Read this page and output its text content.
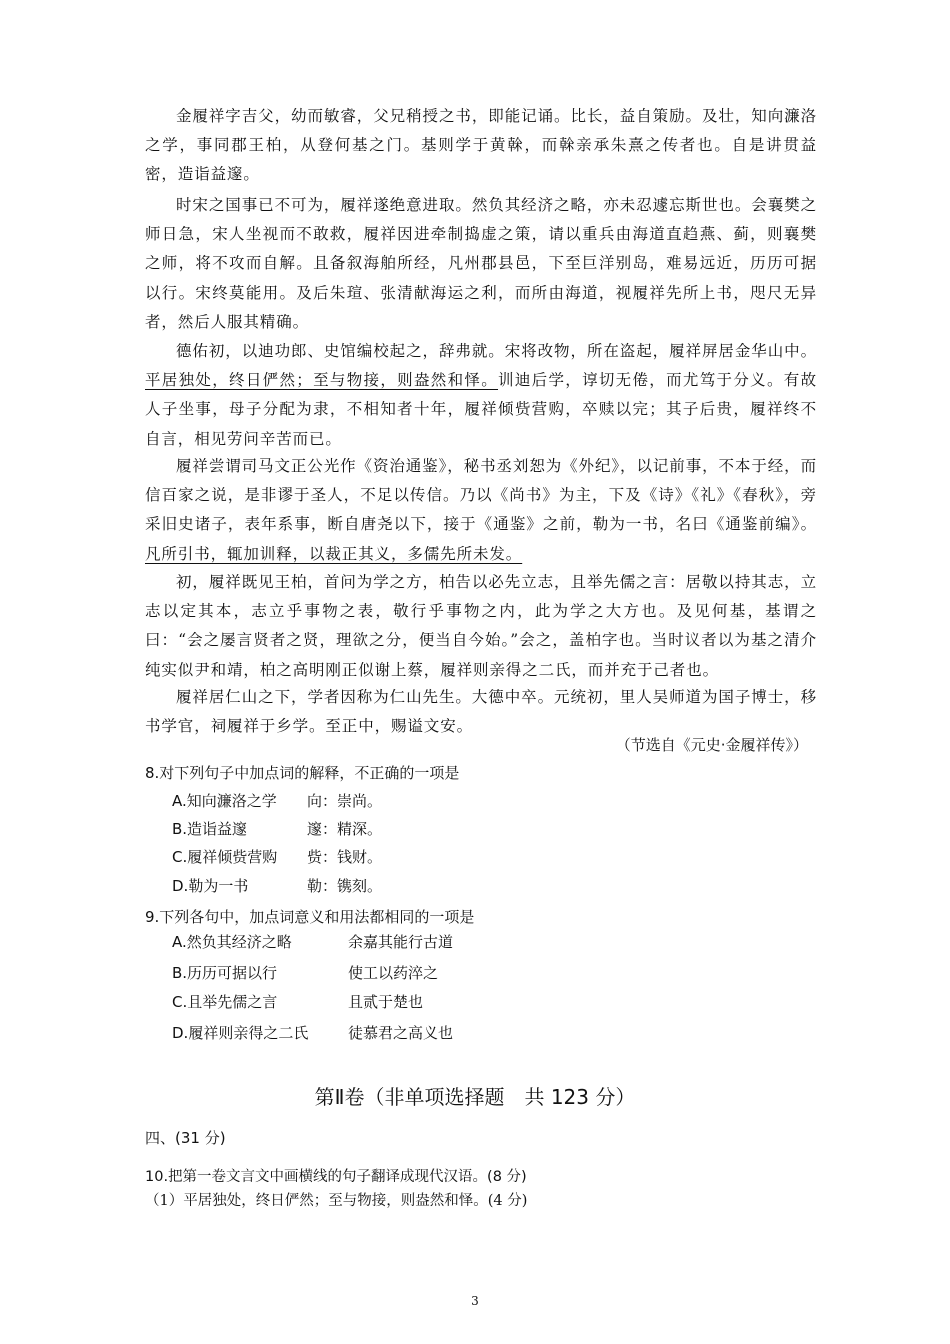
金履祥字吉父，幼而敏睿，父兄稍授之书，即能记诵。比长，益自策励。及壮，知向濂洛之学，事同郡王柏，从登何基之门。基则学于黄榦，而榦亲承朱熹之传者也。自是讲贯益密，造诣益邃。
时宋之国事已不可为，履祥遂绝意进取。然负其经济之略，亦未忍遽忘斯世也。会襄樊之师日急，宋人坐视而不敢救，履祥因进牵制捣虚之策，请以重兵由海道直趋燕、蓟，则襄樊之师，将不攻而自解。且备叙海舶所经，凡州郡县邑，下至巨洋别岛，难易远近，历历可据以行。宋终莫能用。及后朱瑄、张清献海运之利，而所由海道，视履祥先所上书，咫尺无异者，然后人服其精确。
德佑初，以迪功郎、史馆编校起之，辞弗就。宋将改物，所在盗起，履祥屏居金华山中。平居独处，终日俨然；至与物接，则盎然和怿。训迪后学，谆切无倦，而尤笃于分义。有故人子坐事，母子分配为隶，不相知者十年，履祥倾赀营购，卒赎以完；其子后贵，履祥终不自言，相见劳问辛苦而已。
履祥尝谓司马文正公光作《资治通鉴》，秘书丞刘恕为《外纪》，以记前事，不本于经，而信百家之说，是非谬于圣人，不足以传信。乃以《尚书》为主，下及《诗》《礼》《春秋》，旁采旧史诸子，表年系事，断自唐尧以下，接于《通鉴》之前，勒为一书，名曰《通鉴前编》。凡所引书，辄加训释，以裁正其义，多儒先所未发。
初，履祥既见王柏，首问为学之方，柏告以必先立志，且举先儒之言：居敬以持其志，立志以定其本，志立乎事物之表，敬行乎事物之内，此为学之大方也。及见何基，基谓之曰：“会之屡言贤者之贤，理欲之分，便当自今始。”会之，盖柏字也。当时议者以为基之清介纯实似尹和靖，柏之高明刚正似谢上蔡，履祥则亲得之二氏，而并充于己者也。
履祥居仁山之下，学者因称为仁山先生。大德中卒。元统初，里人吴师道为国子博士，移书学官，祠履祥于乡学。至正中，赐谥文安。
（节选自《元史·金履祥传》）
8.对下列句子中加点词的解释，不正确的一项是
A.知向濂洛之学 向：崇尚。
B.造诣益邃	邃：精深。
C.履祥倾赀营购 赀：钱财。
D.勒为一书	勒：镌刻。
9.下列各句中，加点词意义和用法都相同的一项是
A.然负其经济之略	余嘉其能行古道
B.历历可据以行	使工以药淬之
C.且举先儒之言	且贰于楚也
D.履祥则亲得之二氏	徒慕君之高义也
第Ⅱ卷（非单项选择题　共 123 分）
四、(31 分)
10.把第一卷文言文中画横线的句子翻译成现代汉语。(8 分)
（1）平居独处，终日俨然；至与物接，则盎然和怿。(4 分)
3
